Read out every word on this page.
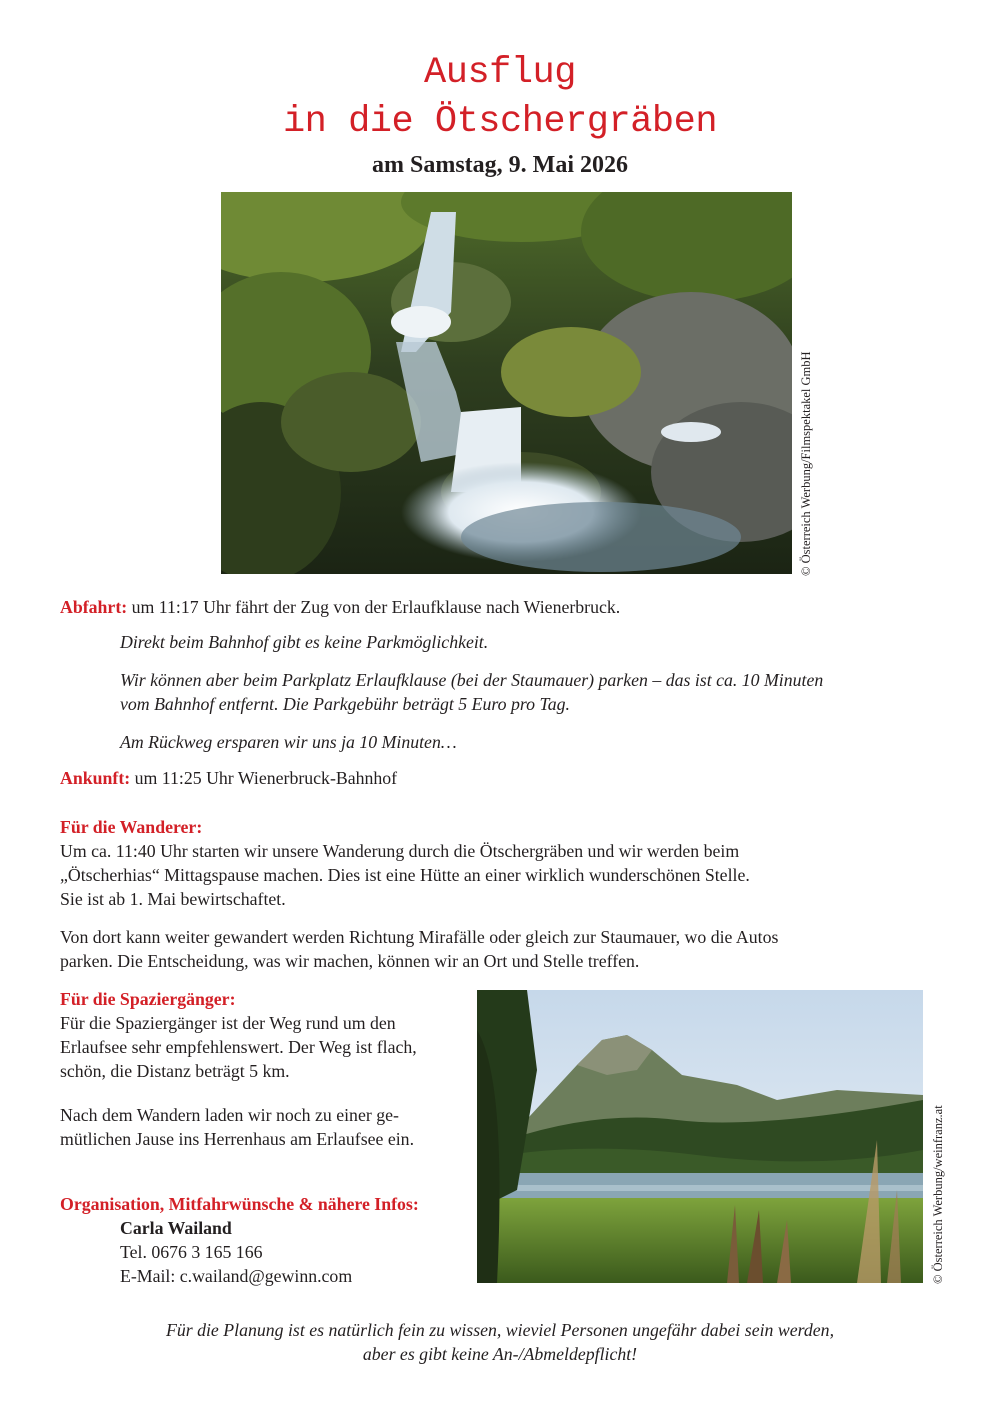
Ausflug
in die Ötschergräben
am Samstag, 9. Mai 2026
© Österreich Werbung/Filmspektakel GmbH
Abfahrt: um 11:17 Uhr fährt der Zug von der Erlaufklause nach Wienerbruck.
Direkt beim Bahnhof gibt es keine Parkmöglichkeit.
Wir können aber beim Parkplatz Erlaufklause (bei der Staumauer) parken – das ist ca. 10 Minuten
vom Bahnhof entfernt. Die Parkgebühr beträgt 5 Euro pro Tag.
Am Rückweg ersparen wir uns ja 10 Minuten…
Ankunft: um 11:25 Uhr Wienerbruck-Bahnhof
Für die Wanderer:
Um ca. 11:40 Uhr starten wir unsere Wanderung durch die Ötschergräben und wir werden beim
„Ötscherhias“ Mittagspause machen. Dies ist eine Hütte an einer wirklich wunderschönen Stelle.
Sie ist ab 1. Mai bewirtschaftet.
Von dort kann weiter gewandert werden Richtung Mirafälle oder gleich zur Staumauer, wo die Autos
parken. Die Entscheidung, was wir machen, können wir an Ort und Stelle treffen.
Für die Spaziergänger:
Für die Spaziergänger ist der Weg rund um den
Erlaufsee sehr empfehlenswert. Der Weg ist flach,
schön, die Distanz beträgt 5 km.
Nach dem Wandern laden wir noch zu einer ge-
mütlichen Jause ins Herrenhaus am Erlaufsee ein.	© Österreich Werbung/weinfranz.at
Organisation, Mitfahrwünsche & nähere Infos:
Carla Wailand
Tel. 0676 3 165 166
E-Mail: c.wailand@gewinn.com
Für die Planung ist es natürlich fein zu wissen, wieviel Personen ungefähr dabei sein werden,
aber es gibt keine An-/Abmeldepflicht!
